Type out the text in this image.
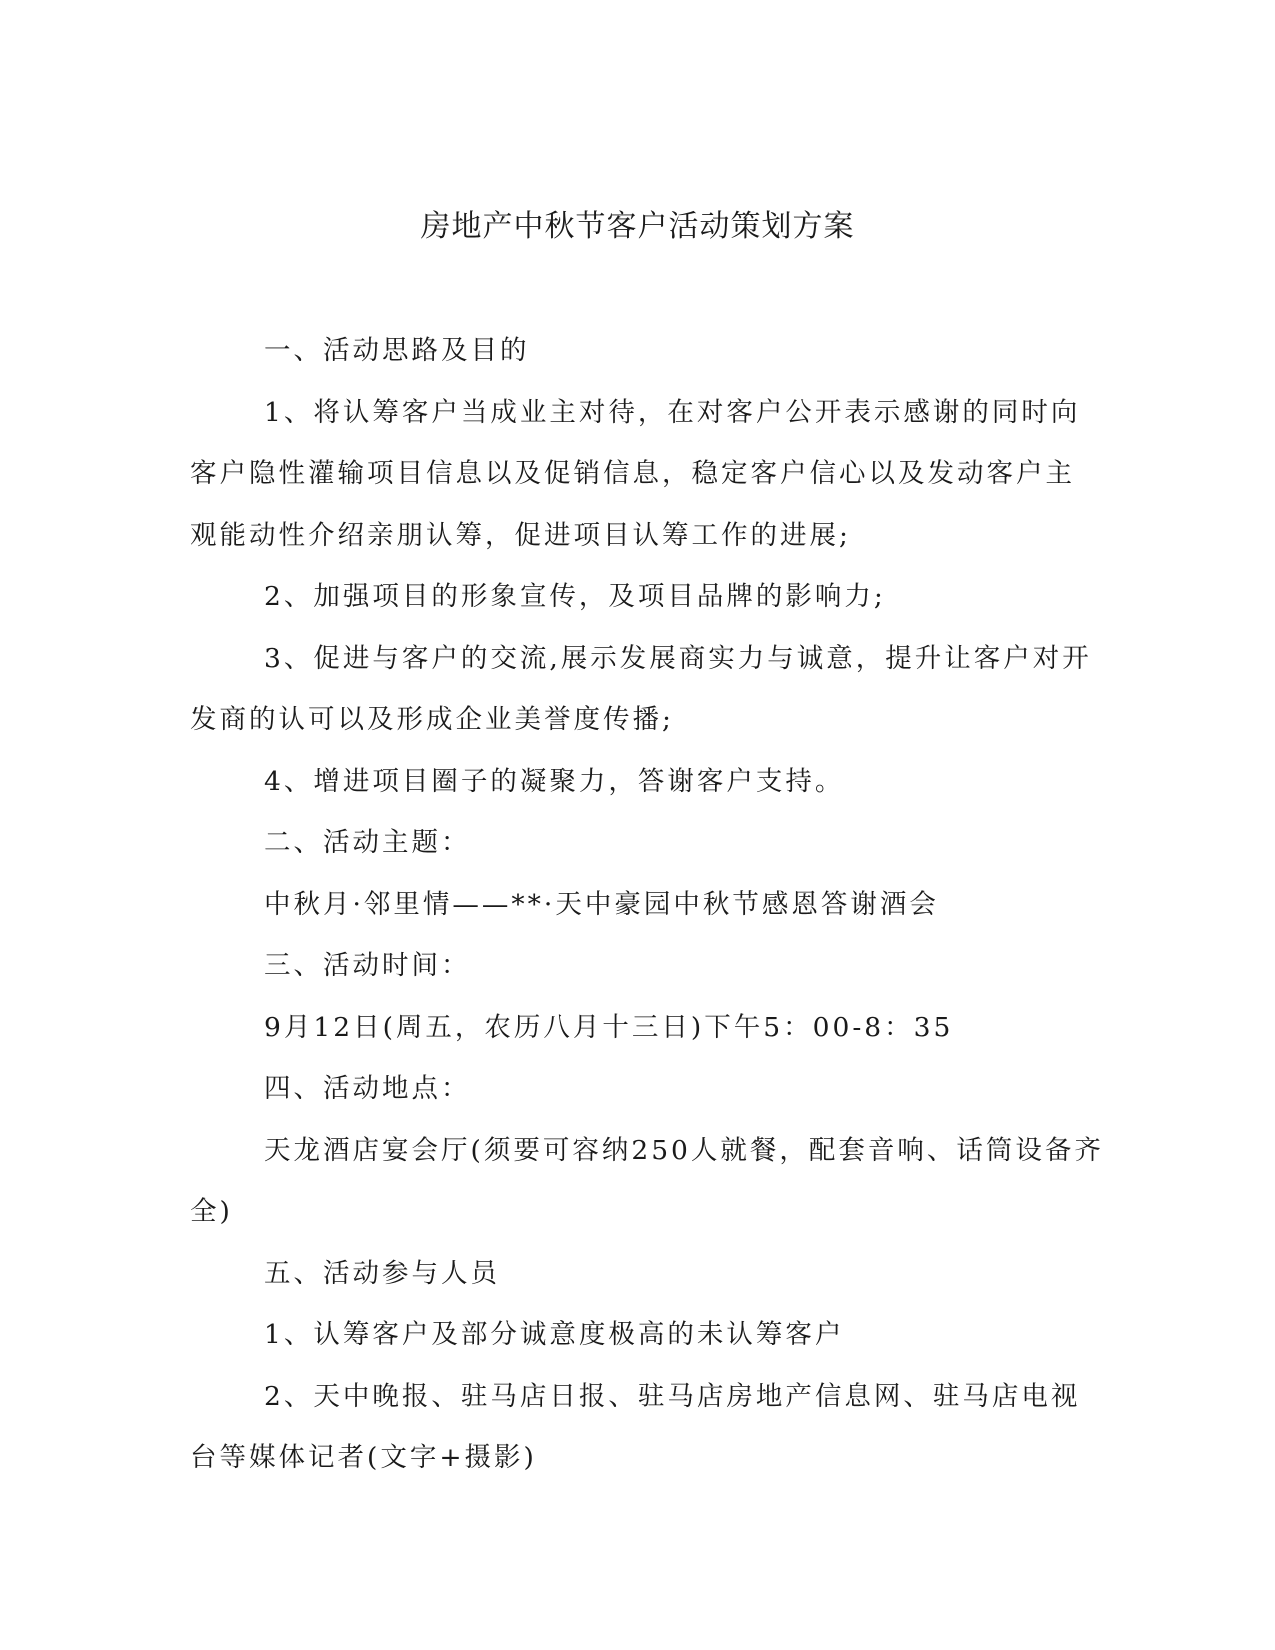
房地产中秋节客户活动策划方案

一、活动思路及目的

1、将认筹客户当成业主对待，在对客户公开表示感谢的同时向

客户隐性灌输项目信息以及促销信息，稳定客户信心以及发动客户主

观能动性介绍亲朋认筹，促进项目认筹工作的进展;

2、加强项目的形象宣传，及项目品牌的影响力;

3、促进与客户的交流,展示发展商实力与诚意，提升让客户对开

发商的认可以及形成企业美誉度传播;

4、增进项目圈子的凝聚力，答谢客户支持。

二、活动主题：

中秋月·邻里情——**·天中豪园中秋节感恩答谢酒会

三、活动时间：

9月12日(周五，农历八月十三日)下午5：00-8：35

四、活动地点：

天龙酒店宴会厅(须要可容纳250人就餐，配套音响、话筒设备齐

全)

五、活动参与人员

1、认筹客户及部分诚意度极高的未认筹客户

2、天中晚报、驻马店日报、驻马店房地产信息网、驻马店电视

台等媒体记者(文字+摄影)
